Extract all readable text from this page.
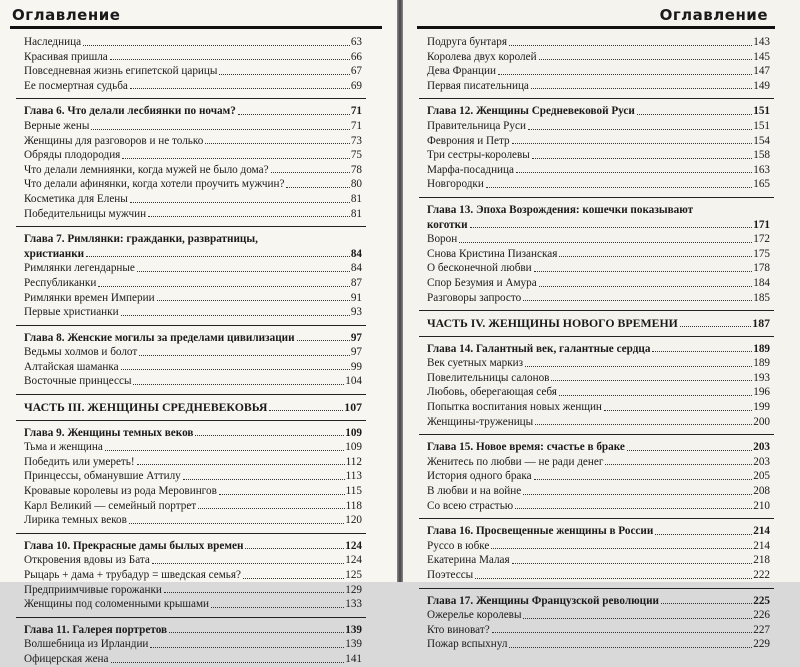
Оглавление
Наследница	63
Красивая пришла	66
Повседневная жизнь египетской царицы	67
Ее посмертная судьба	69
Глава 6. Что делали лесбиянки по ночам?	71
Верные жены	71
Женщины для разговоров и не только	73
Обряды плодородия	75
Что делали лемниянки, когда мужей не было дома?	78
Что делали афинянки, когда хотели проучить мужчин?	80
Косметика для Елены	81
Победительницы мужчин	81
Глава 7. Римлянки: гражданки, развратницы,
христианки	84
Римлянки легендарные	84
Республиканки	87
Римлянки времен Империи	91
Первые христианки	93
Глава 8. Женские могилы за пределами цивилизации	97
Ведьмы холмов и болот	97
Алтайская шаманка	99
Восточные принцессы	104
ЧАСТЬ III. ЖЕНЩИНЫ СРЕДНЕВЕКОВЬЯ	107
Глава 9. Женщины темных веков	109
Тьма и женщина	109
Победить или умереть!	112
Принцессы, обманувшие Аттилу	113
Кровавые королевы из рода Меровингов	115
Карл Великий — семейный портрет	118
Лирика темных веков	120
Глава 10. Прекрасные дамы былых времен	124
Откровения вдовы из Бата	124
Рыцарь + дама + трубадур = шведская семья?	125
Предприимчивые горожанки	129
Женщины под соломенными крышами	133
Глава 11. Галерея портретов	139
Волшебница из Ирландии	139
Офицерская жена	141
Оглавление
Подруга бунтаря	143
Королева двух королей	145
Дева Франции	147
Первая писательница	149
Глава 12. Женщины Средневековой Руси	151
Правительница Руси	151
Феврония и Петр	154
Три сестры-королевы	158
Марфа-посадница	163
Новгородки	165
Глава 13. Эпоха Возрождения: кошечки показывают
коготки	171
Ворон	172
Снова Кристина Пизанская	175
О бесконечной любви	178
Спор Безумия и Амура	184
Разговоры запросто	185
ЧАСТЬ IV. ЖЕНЩИНЫ НОВОГО ВРЕМЕНИ	187
Глава 14. Галантный век, галантные сердца	189
Век суетных маркиз	189
Повелительницы салонов	193
Любовь, оберегающая себя	196
Попытка воспитания новых женщин	199
Женщины-труженицы	200
Глава 15. Новое время: счастье в браке	203
Женитесь по любви — не ради денег	203
История одного брака	205
В любви и на войне	208
Со всею страстью	210
Глава 16. Просвещенные женщины в России	214
Руссо в юбке	214
Екатерина Малая	218
Поэтессы	222
Глава 17. Женщины Французской революции	225
Ожерелье королевы	226
Кто виноват?	227
Пожар вспыхнул	229
